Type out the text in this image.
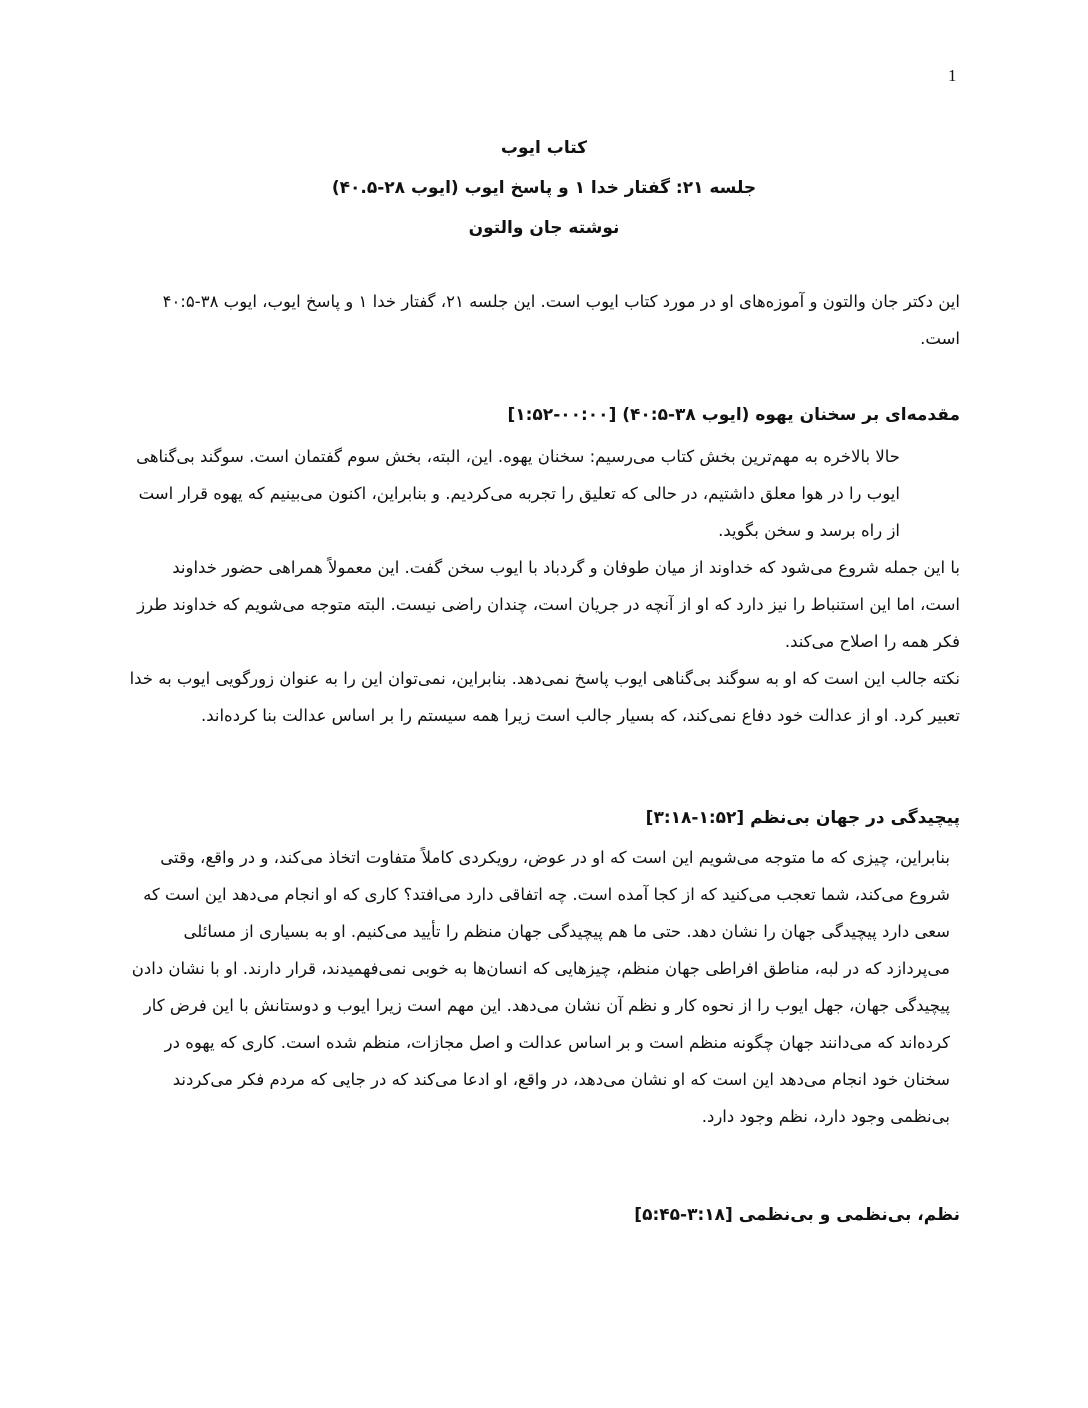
1
کتاب ایوب
جلسه ۲۱: گفتار خدا ۱ و پاسخ ایوب (ایوب ۲۸-۴۰.۵)
نوشته جان والتون
این دکتر جان والتون و آموزه‌های او در مورد کتاب ایوب است. این جلسه ۲۱، گفتار خدا ۱ و پاسخ ایوب، ایوب ۳۸-۴۰:۵ است.
مقدمه‌ای بر سخنان یهوه (ایوب ۳۸-۴۰:۵) [۰۰:۰۰-۱:۵۲]

حالا بالاخره به مهم‌ترین بخش کتاب می‌رسیم: سخنان یهوه. این، البته، بخش سوم گفتمان است. سوگند بی‌گناهی ایوب را در هوا معلق داشتیم، در حالی که تعلیق را تجربه می‌کردیم. و بنابراین، اکنون می‌بینیم که یهوه قرار است از راه برسد و سخن بگوید.

با این جمله شروع می‌شود که خداوند از میان طوفان و گردباد با ایوب سخن گفت. این معمولاً همراهی حضور خداوند است، اما این استنباط را نیز دارد که او از آنچه در جریان است، چندان راضی نیست. البته متوجه می‌شویم که خداوند طرز فکر همه را اصلاح می‌کند.

نکته جالب این است که او به سوگند بی‌گناهی ایوب پاسخ نمی‌دهد. بنابراین، نمی‌توان این را به عنوان زورگویی ایوب به خدا تعبیر کرد. او از عدالت خود دفاع نمی‌کند، که بسیار جالب است زیرا همه سیستم را بر اساس عدالت بنا کرده‌اند.

پیچیدگی در جهان بی‌نظم [۱:۵۲-۳:۱۸]

بنابراین، چیزی که ما متوجه می‌شویم این است که او در عوض، رویکردی کاملاً متفاوت اتخاذ می‌کند، و در واقع، وقتی شروع می‌کند، شما تعجب می‌کنید که از کجا آمده است. چه اتفاقی دارد می‌افتد؟ کاری که او انجام می‌دهد این است که سعی دارد پیچیدگی جهان را نشان دهد. حتی ما هم پیچیدگی جهان منظم را تأیید می‌کنیم. او به بسیاری از مسائلی می‌پردازد که در لبه، مناطق افراطی جهان منظم، چیزهایی که انسان‌ها به خوبی نمی‌فهمیدند، قرار دارند. او با نشان دادن پیچیدگی جهان، جهل ایوب را از نحوه کار و نظم آن نشان می‌دهد. این مهم است زیرا ایوب و دوستانش با این فرض کار کرده‌اند که می‌دانند جهان چگونه منظم است و بر اساس عدالت و اصل مجازات، منظم شده است. کاری که یهوه در سخنان خود انجام می‌دهد این است که او نشان می‌دهد، در واقع، او ادعا می‌کند که در جایی که مردم فکر می‌کردند بی‌نظمی وجود دارد، نظم وجود دارد.

نظم، بی‌نظمی و بی‌نظمی [۳:۱۸-۵:۴۵]
